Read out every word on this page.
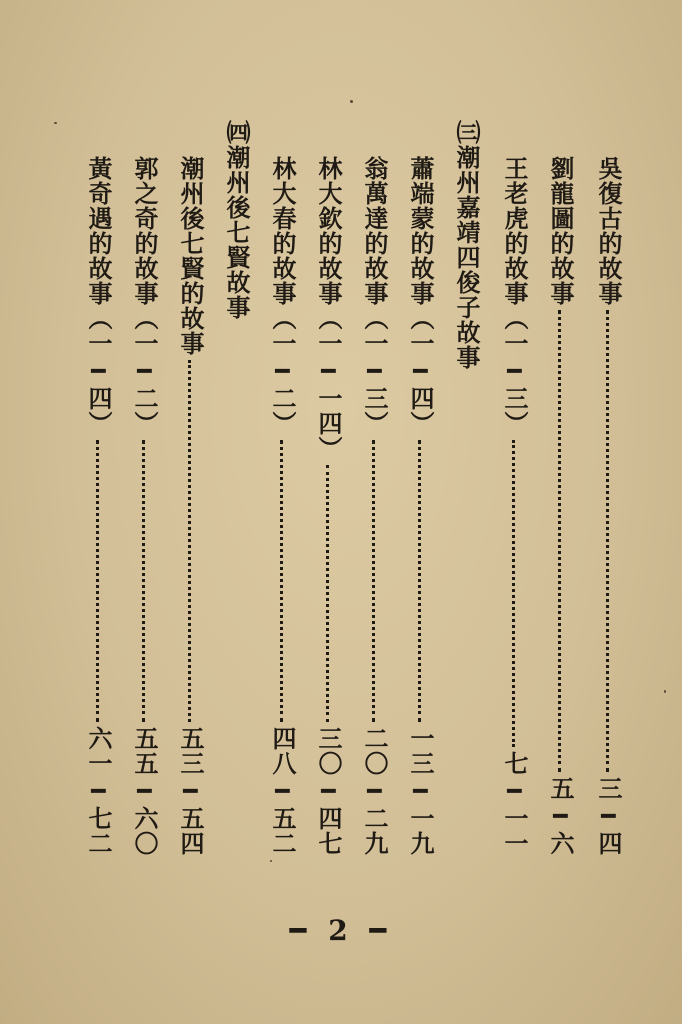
吳復古的故事
三━四
劉龍圖的故事
五━六
王老虎的故事（一━三）
七━一一
㈢潮州嘉靖四俊子故事
蕭端蒙的故事（一━四）
一三━一九
翁萬達的故事（一━三）
二〇━二九
林大欽的故事（一━一四）
三〇━四七
林大春的故事（一━二）
四八━五二
㈣潮州後七賢故事
潮州後七賢的故事
五三━五四
郭之奇的故事（一━二）
五五━六〇
黃奇遇的故事（一━四）
六一━七二
━ 2 ━
